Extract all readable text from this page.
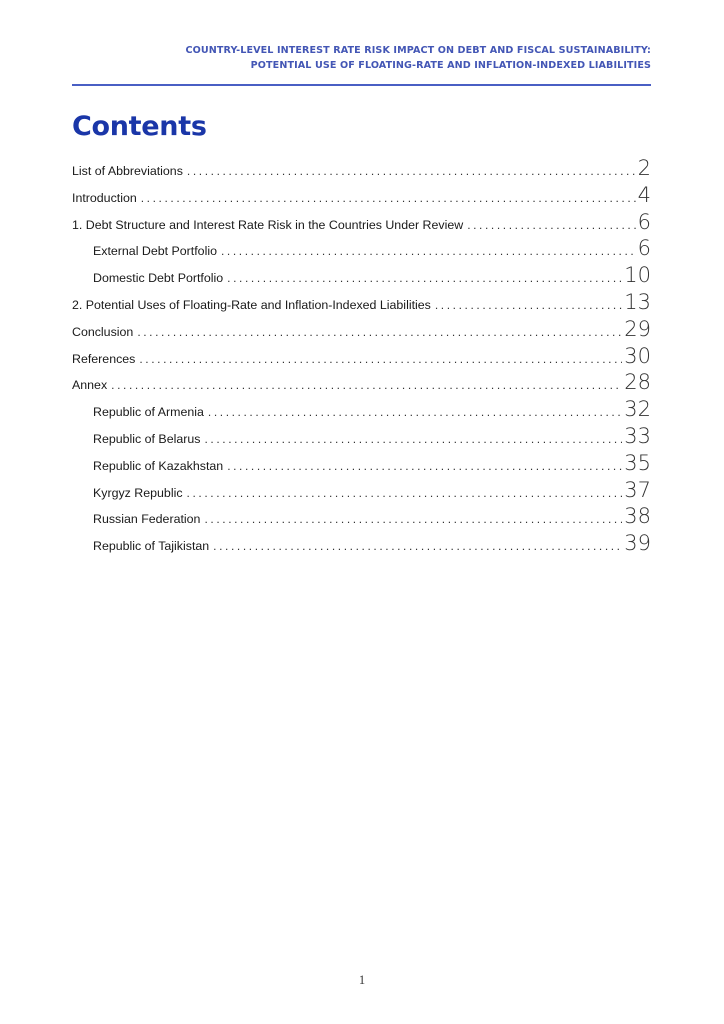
COUNTRY-LEVEL INTEREST RATE RISK IMPACT ON DEBT AND FISCAL SUSTAINABILITY:
POTENTIAL USE OF FLOATING-RATE AND INFLATION-INDEXED LIABILITIES
Contents
List of Abbreviations .....	2
Introduction .....	4
1. Debt Structure and Interest Rate Risk in the Countries Under Review .....	6
External Debt Portfolio .....	6
Domestic Debt Portfolio .....	10
2. Potential Uses of Floating-Rate and Inflation-Indexed Liabilities .....	13
Conclusion .....	29
References .....	30
Annex .....	28
Republic of Armenia .....	32
Republic of Belarus .....	33
Republic of Kazakhstan .....	35
Kyrgyz Republic .....	37
Russian Federation .....	38
Republic of Tajikistan .....	39
1
